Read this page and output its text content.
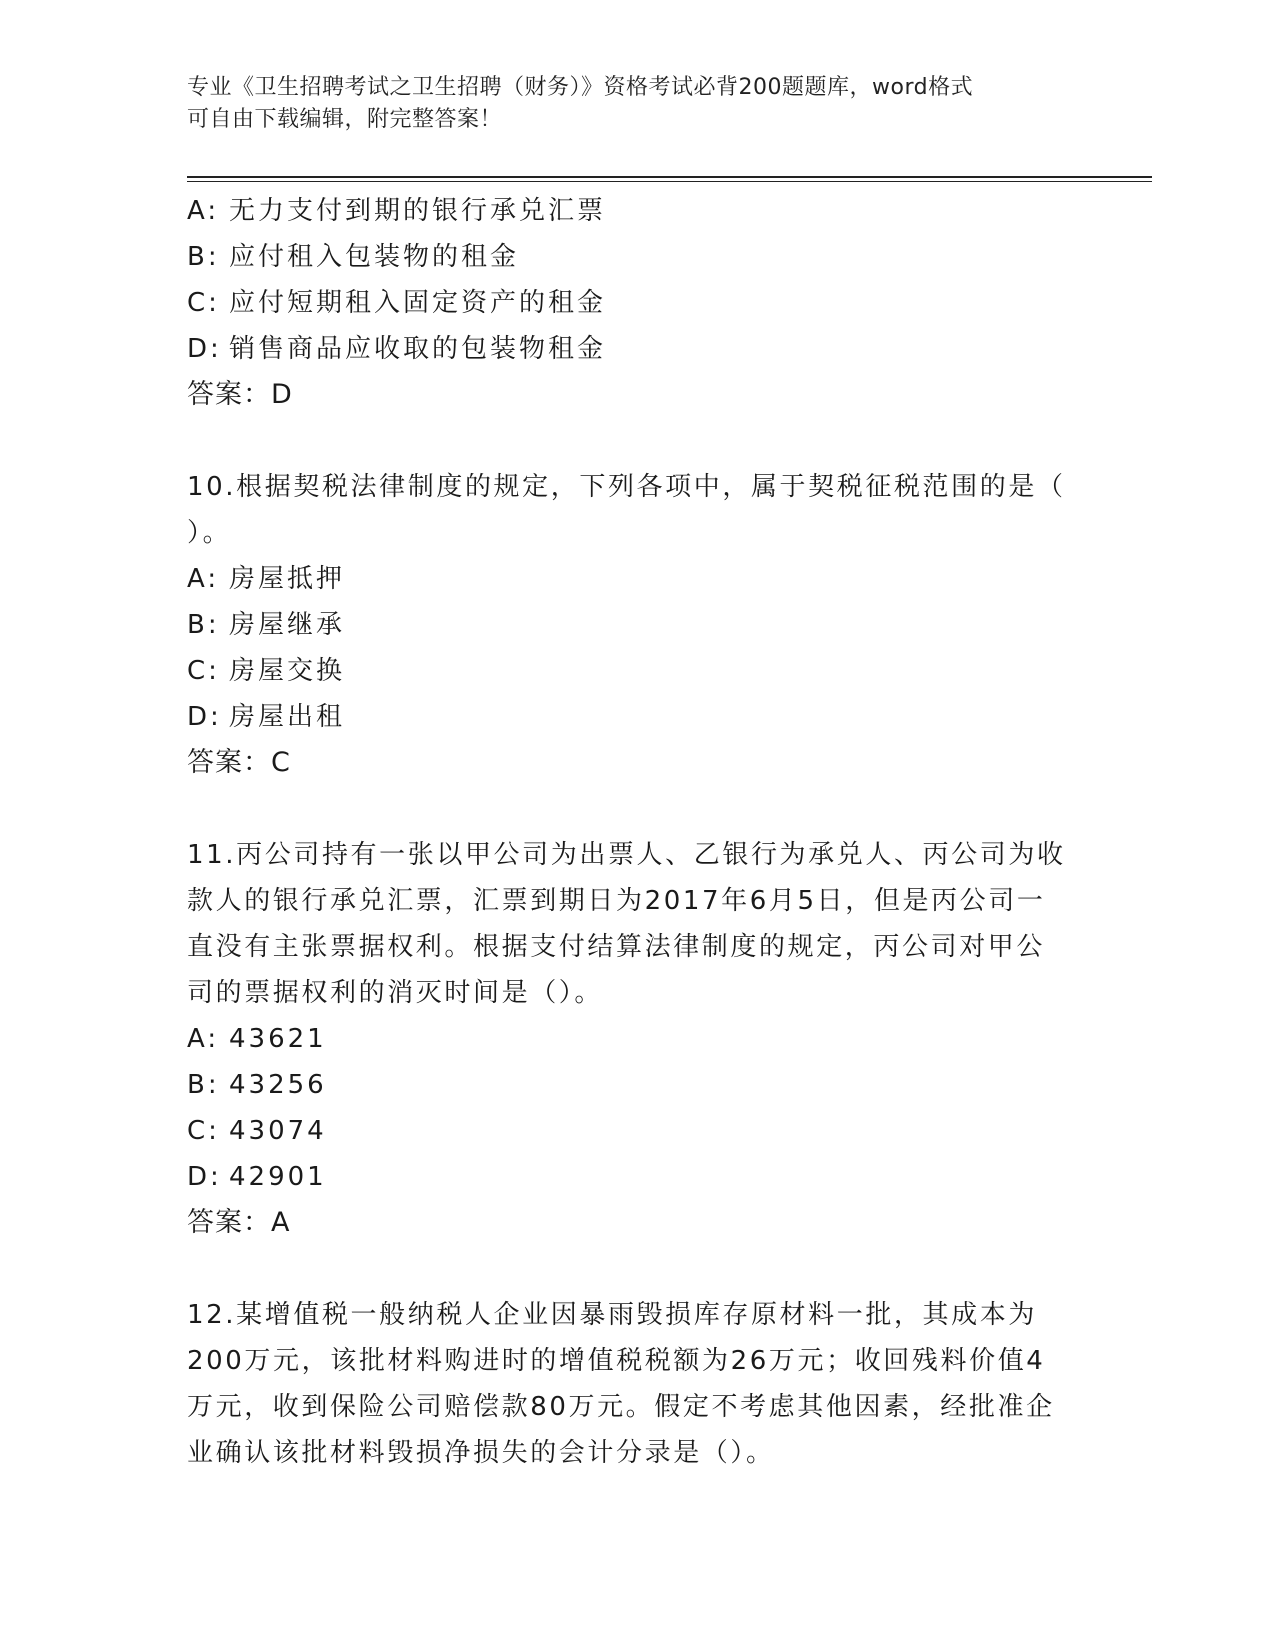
专业《卫生招聘考试之卫生招聘（财务）》资格考试必背200题题库，word格式
可自由下载编辑，附完整答案！
A: 无力支付到期的银行承兑汇票
B: 应付租入包装物的租金
C: 应付短期租入固定资产的租金
D: 销售商品应收取的包装物租金
答案：D
10.根据契税法律制度的规定，下列各项中，属于契税征税范围的是（
）。
A: 房屋抵押
B: 房屋继承
C: 房屋交换
D: 房屋出租
答案：C
11.丙公司持有一张以甲公司为出票人、乙银行为承兑人、丙公司为收
款人的银行承兑汇票，汇票到期日为2017年6月5日，但是丙公司一
直没有主张票据权利。根据支付结算法律制度的规定，丙公司对甲公
司的票据权利的消灭时间是（）。
A: 43621
B: 43256
C: 43074
D: 42901
答案：A
12.某增值税一般纳税人企业因暴雨毁损库存原材料一批，其成本为
200万元，该批材料购进时的增值税税额为26万元；收回残料价值4
万元，收到保险公司赔偿款80万元。假定不考虑其他因素，经批准企
业确认该批材料毁损净损失的会计分录是（）。
